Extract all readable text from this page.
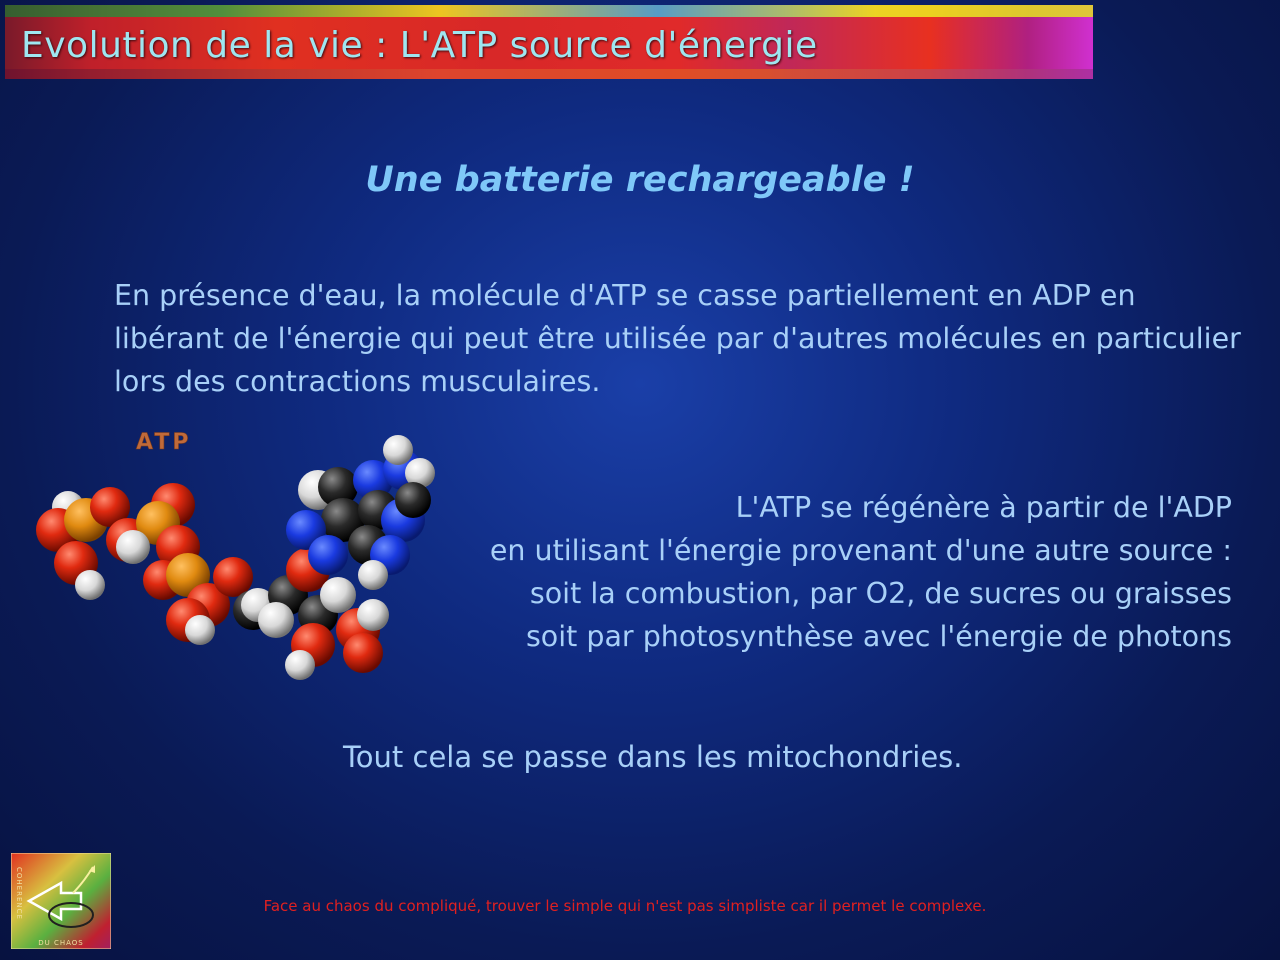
Evolution de la vie : L'ATP source d'énergie
Une batterie rechargeable !
En présence d'eau, la molécule d'ATP se casse partiellement en ADP en libérant de l'énergie qui peut être utilisée par d'autres molécules en particulier lors des contractions musculaires.
ATP
L'ATP se régénère à partir de l'ADP
en utilisant l'énergie provenant d'une autre source :
soit la combustion, par O2, de sucres ou graisses
soit par photosynthèse avec l'énergie de photons
Tout cela se passe dans les mitochondries.
COHERENCE
DU CHAOS
Face au chaos du compliqué, trouver le simple qui n'est pas simpliste car il permet le complexe.
